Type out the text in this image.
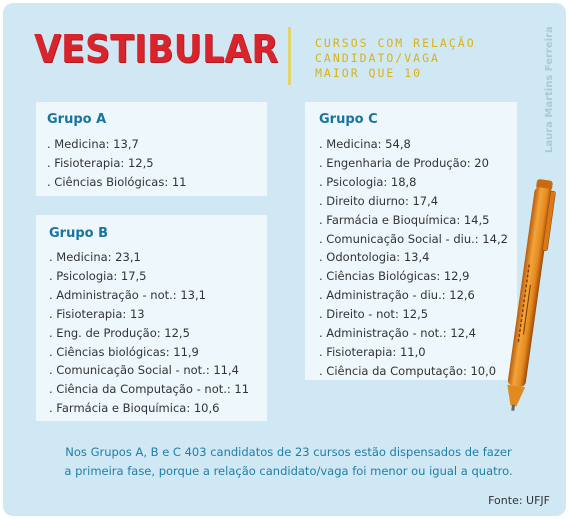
VESTIBULAR	CURSOS COM RELAÇÃO
CANDIDATO/VAGA
MAIOR QUE 10	Laura Martins Ferreira
Grupo A
. Medicina: 13,7
. Fisioterapia: 12,5
. Ciências Biológicas: 11
Grupo B
. Medicina: 23,1
. Psicologia: 17,5
. Administração - not.: 13,1
. Fisioterapia: 13
. Eng. de Produção: 12,5
. Ciências biológicas: 11,9
. Comunicação Social - not.: 11,4
. Ciência da Computação - not.: 11
. Farmácia e Bioquímica: 10,6
Grupo C
. Medicina: 54,8
. Engenharia de Produção: 20
. Psicologia: 18,8
. Direito diurno: 17,4
. Farmácia e Bioquímica: 14,5
. Comunicação Social - diu.: 14,2
. Odontologia: 13,4
. Ciências Biológicas: 12,9
. Administração - diu.: 12,6
. Direito - not: 12,5
. Administração - not.: 12,4
. Fisioterapia: 11,0
. Ciência da Computação: 10,0
Nos Grupos A, B e C 403 candidatos de 23 cursos estão dispensados de fazer
a primeira fase, porque a relação candidato/vaga foi menor ou igual a quatro.
Fonte: UFJF
